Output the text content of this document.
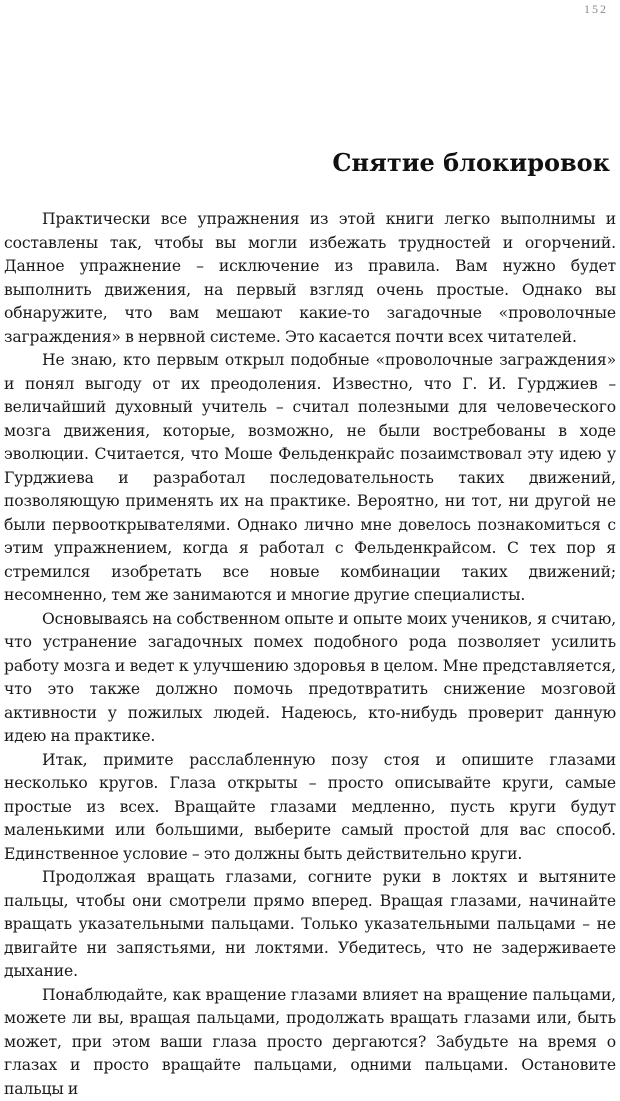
152
Снятие блокировок

Практически все упражнения из этой книги легко выполнимы и составлены так, чтобы вы могли избежать трудностей и огорчений. Данное упражнение – исключение из правила. Вам нужно будет выполнить движения, на первый взгляд очень простые. Однако вы обнаружите, что вам мешают какие-то загадочные «проволочные заграждения» в нервной системе. Это касается почти всех читателей.

Не знаю, кто первым открыл подобные «проволочные заграждения» и понял выгоду от их преодоления. Известно, что Г. И. Гурджиев – величайший духовный учитель – считал полезными для человеческого мозга движения, которые, возможно, не были востребованы в ходе эволюции. Считается, что Моше Фельденкрайс позаимствовал эту идею у Гурджиева и разработал последовательность таких движений, позволяющую применять их на практике. Вероятно, ни тот, ни другой не были первооткрывателями. Однако лично мне довелось познакомиться с этим упражнением, когда я работал с Фельденкрайсом. С тех пор я стремился изобретать все новые комбинации таких движений; несомненно, тем же занимаются и многие другие специалисты.

Основываясь на собственном опыте и опыте моих учеников, я считаю, что устранение загадочных помех подобного рода позволяет усилить работу мозга и ведет к улучшению здоровья в целом. Мне представляется, что это также должно помочь предотвратить снижение мозговой активности у пожилых людей. Надеюсь, кто-нибудь проверит данную идею на практике.

Итак, примите расслабленную позу стоя и опишите глазами несколько кругов. Глаза открыты – просто описывайте круги, самые простые из всех. Вращайте глазами медленно, пусть круги будут маленькими или большими, выберите самый простой для вас способ. Единственное условие – это должны быть действительно круги.

Продолжая вращать глазами, согните руки в локтях и вытяните пальцы, чтобы они смотрели прямо вперед. Вращая глазами, начинайте вращать указательными пальцами. Только указательными пальцами – не двигайте ни запястьями, ни локтями. Убедитесь, что не задерживаете дыхание.

Понаблюдайте, как вращение глазами влияет на вращение пальцами, можете ли вы, вращая пальцами, продолжать вращать глазами или, быть может, при этом ваши глаза просто дергаются? Забудьте на время о глазах и просто вращайте пальцами, одними пальцами. Остановите пальцы и
